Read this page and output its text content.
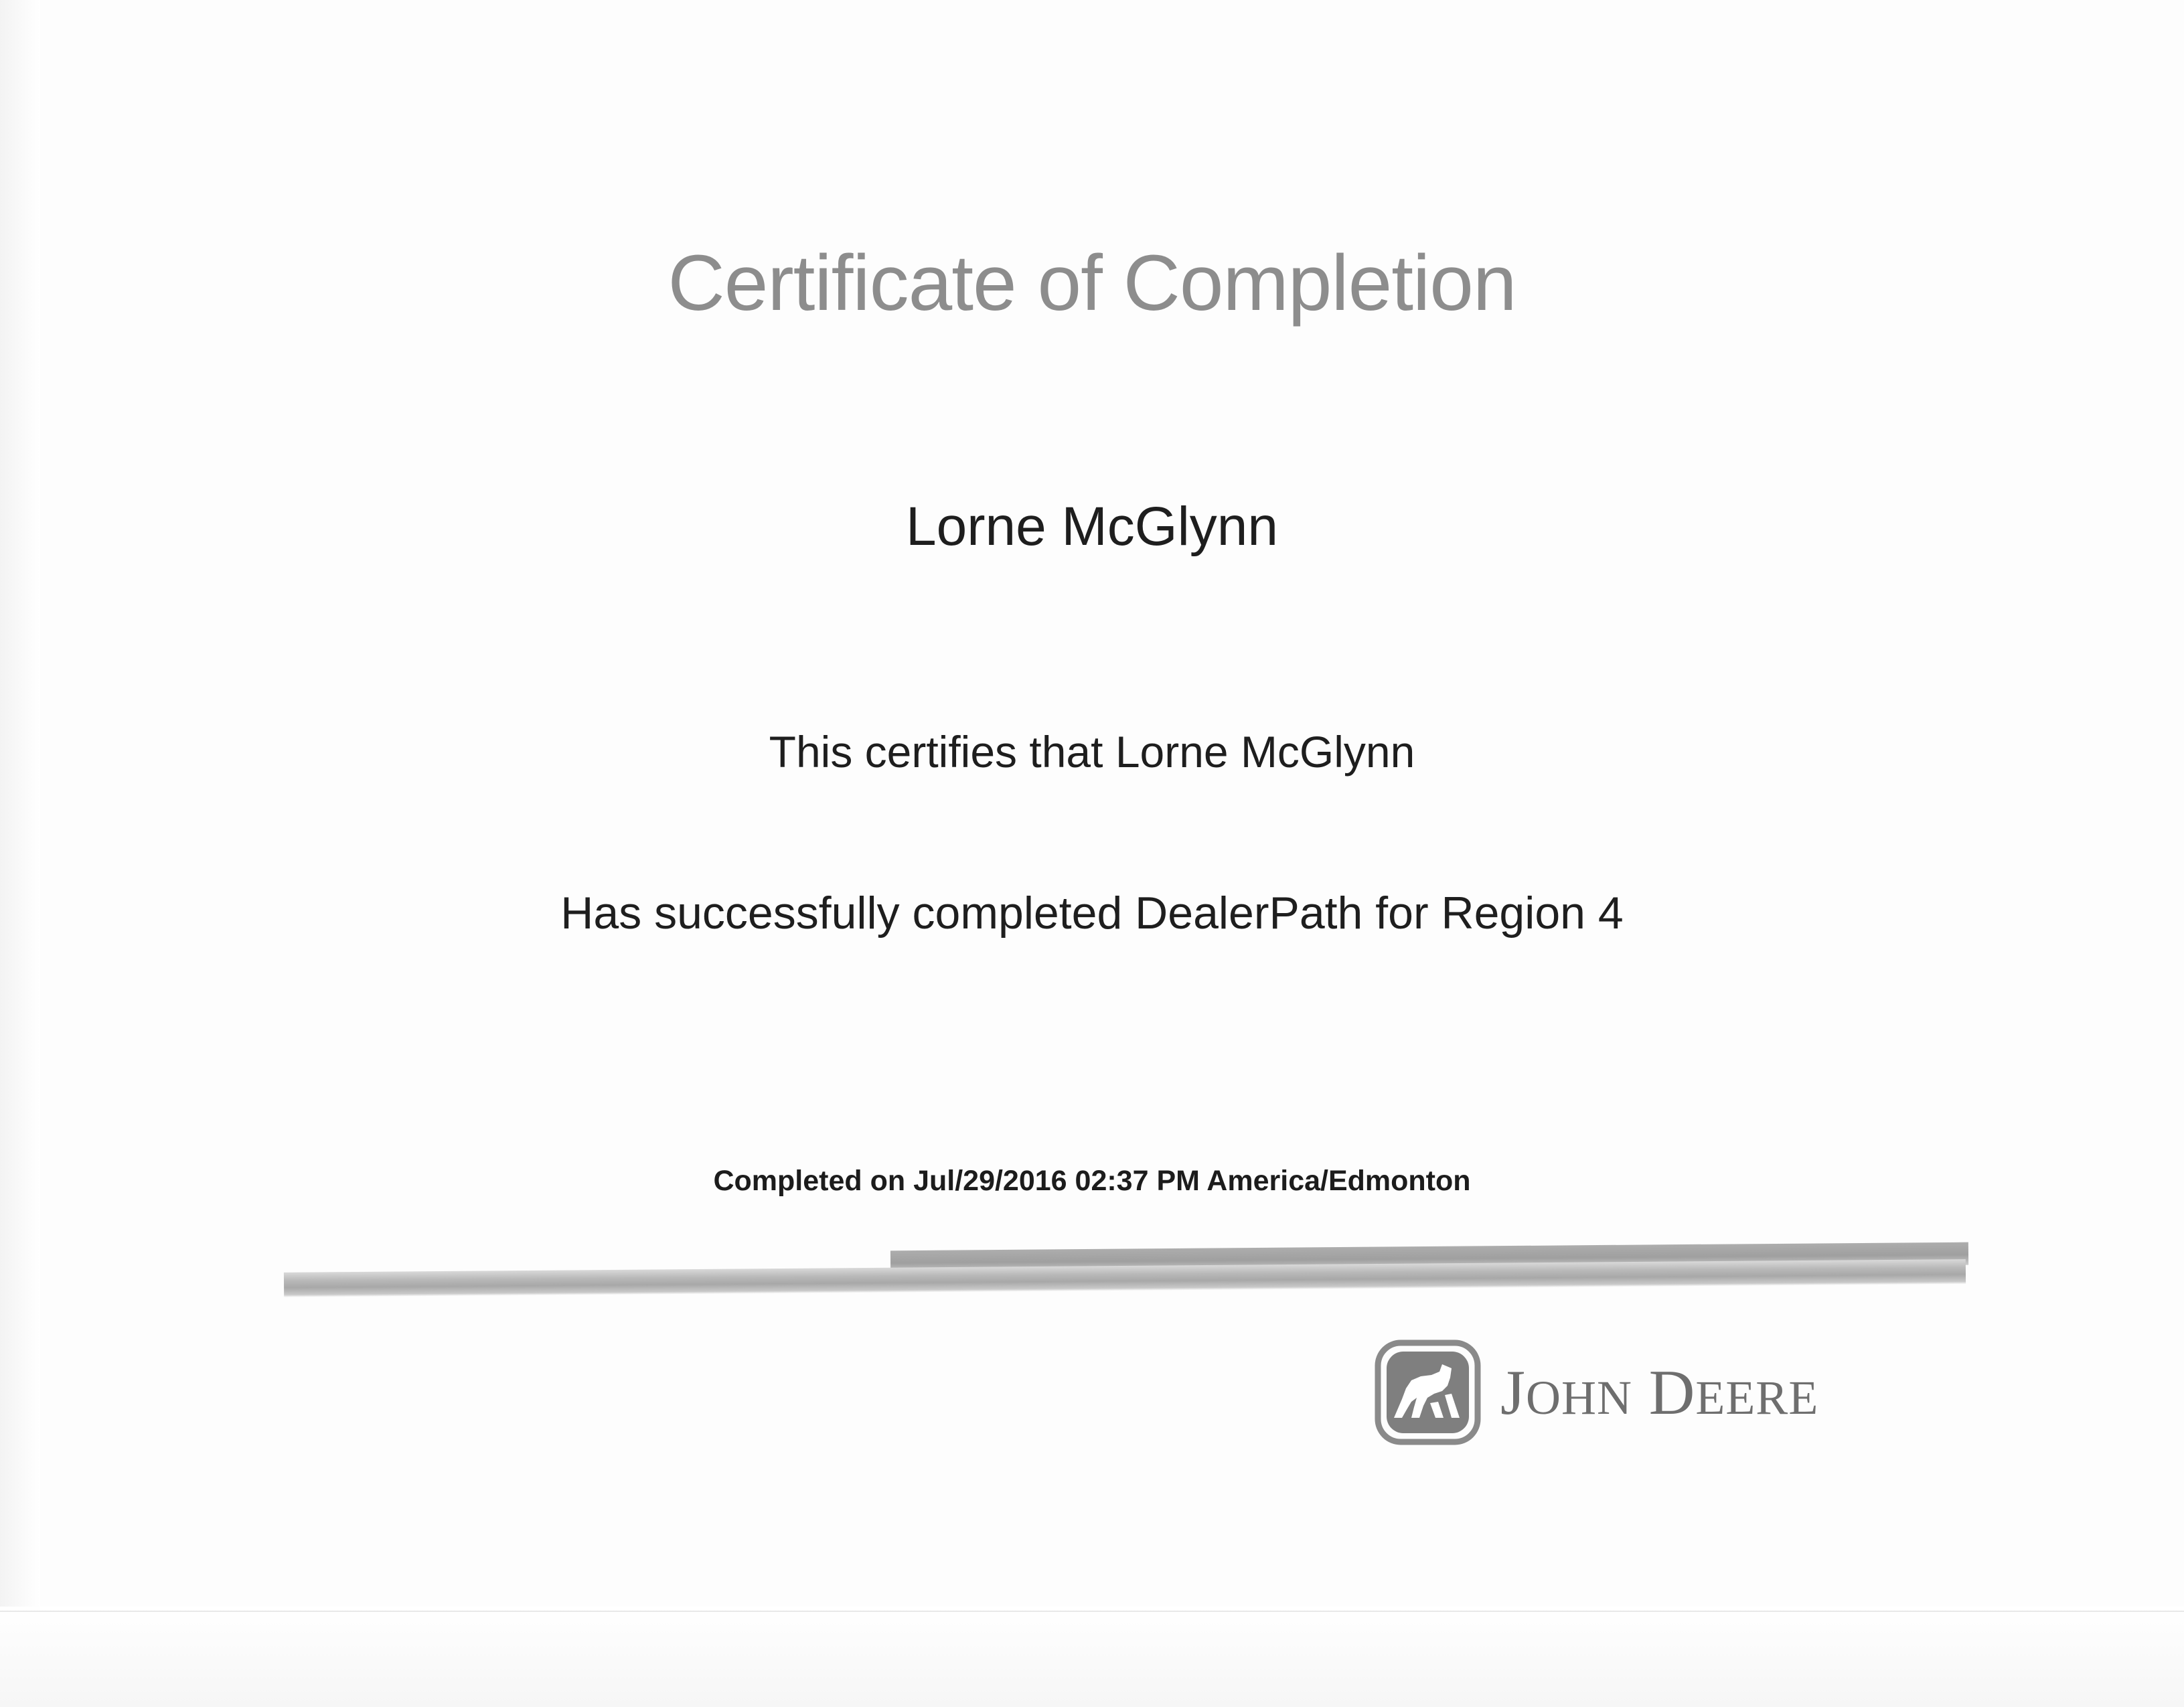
Certificate of Completion
Lorne McGlynn
This certifies that Lorne McGlynn
Has successfully completed DealerPath for Region 4
Completed on Jul/29/2016 02:37 PM America/Edmonton
JOHN DEERE
